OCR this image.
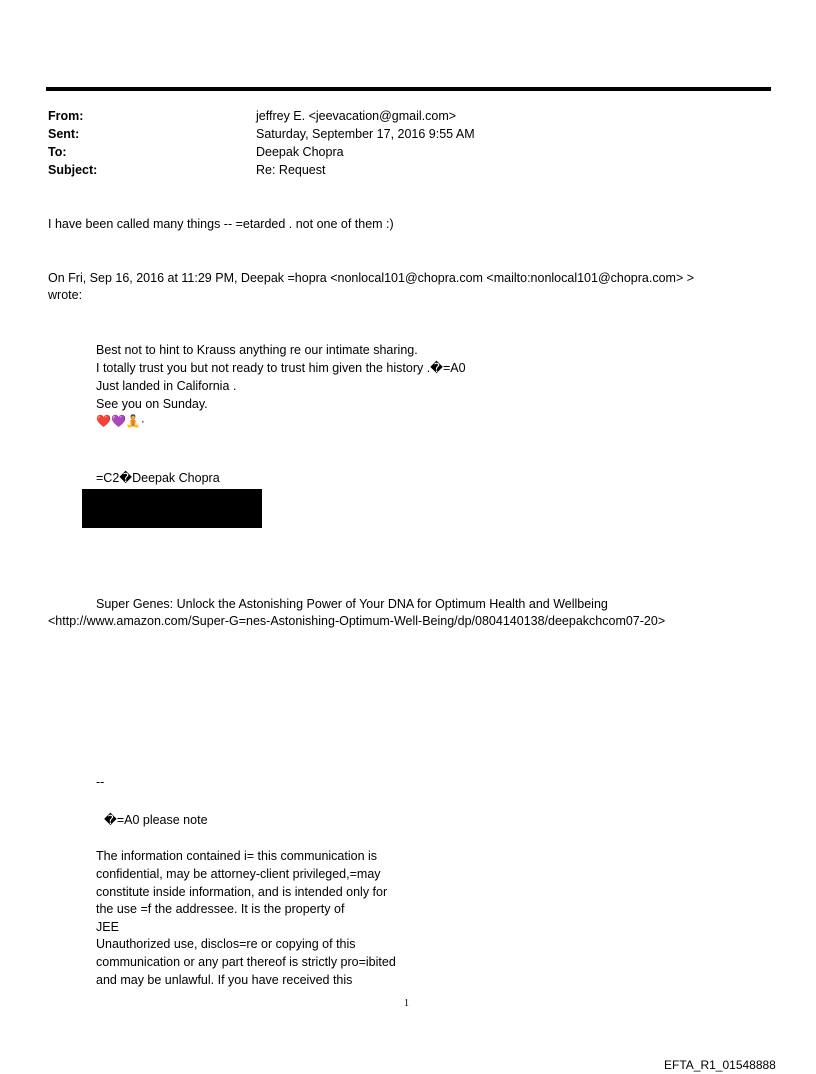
From:	jeffrey E. <jeevacation@gmail.com>
Sent:	Saturday, September 17, 2016 9:55 AM
To:	Deepak Chopra
Subject:	Re: Request
I have been called many things -- =etarded . not one of them :)
On Fri, Sep 16, 2016 at 11:29 PM, Deepak =hopra <nonlocal101@chopra.com <mailto:nonlocal101@chopra.com> >
wrote:
Best not to hint to Krauss anything re our intimate sharing.
I totally trust you but not ready to trust him given the history .�=A0
Just landed in California .
See you on Sunday.
❤️💜🧘·
=C2�Deepak Chopra
Super Genes: Unlock the Astonishing Power of Your DNA for Optimum Health and Wellbeing
<http://www.amazon.com/Super-G=nes-Astonishing-Optimum-Well-Being/dp/0804140138/deepakchcom07-20>
--
�=A0 please note
The information contained i= this communication is
confidential, may be attorney-client privileged,=may
constitute inside information, and is intended only for
the use =f the addressee. It is the property of
JEE
Unauthorized use, disclos=re or copying of this
communication or any part thereof is strictly pro=ibited
and may be unlawful. If you have received this
1
EFTA_R1_01548888
